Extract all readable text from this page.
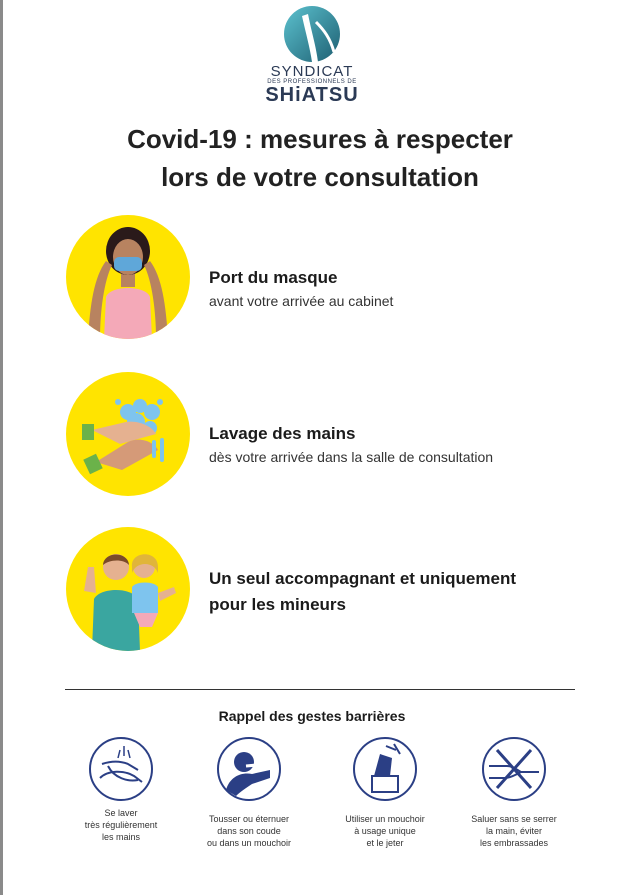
SYNDICAT
DES PROFESSIONNELS DE
SHiATSU
Covid-19 : mesures à respecter
lors de votre consultation
Port du masque
avant votre arrivée au cabinet
Lavage des mains
dès votre arrivée dans la salle de consultation
Un seul accompagnant et uniquement
pour les mineurs
Rappel des gestes barrières
Se laver
très régulièrement
les mains
Tousser ou éternuer
dans son coude
ou dans un mouchoir
Utiliser un mouchoir
à usage unique
et le jeter
Saluer sans se serrer
la main, éviter
les embrassades
